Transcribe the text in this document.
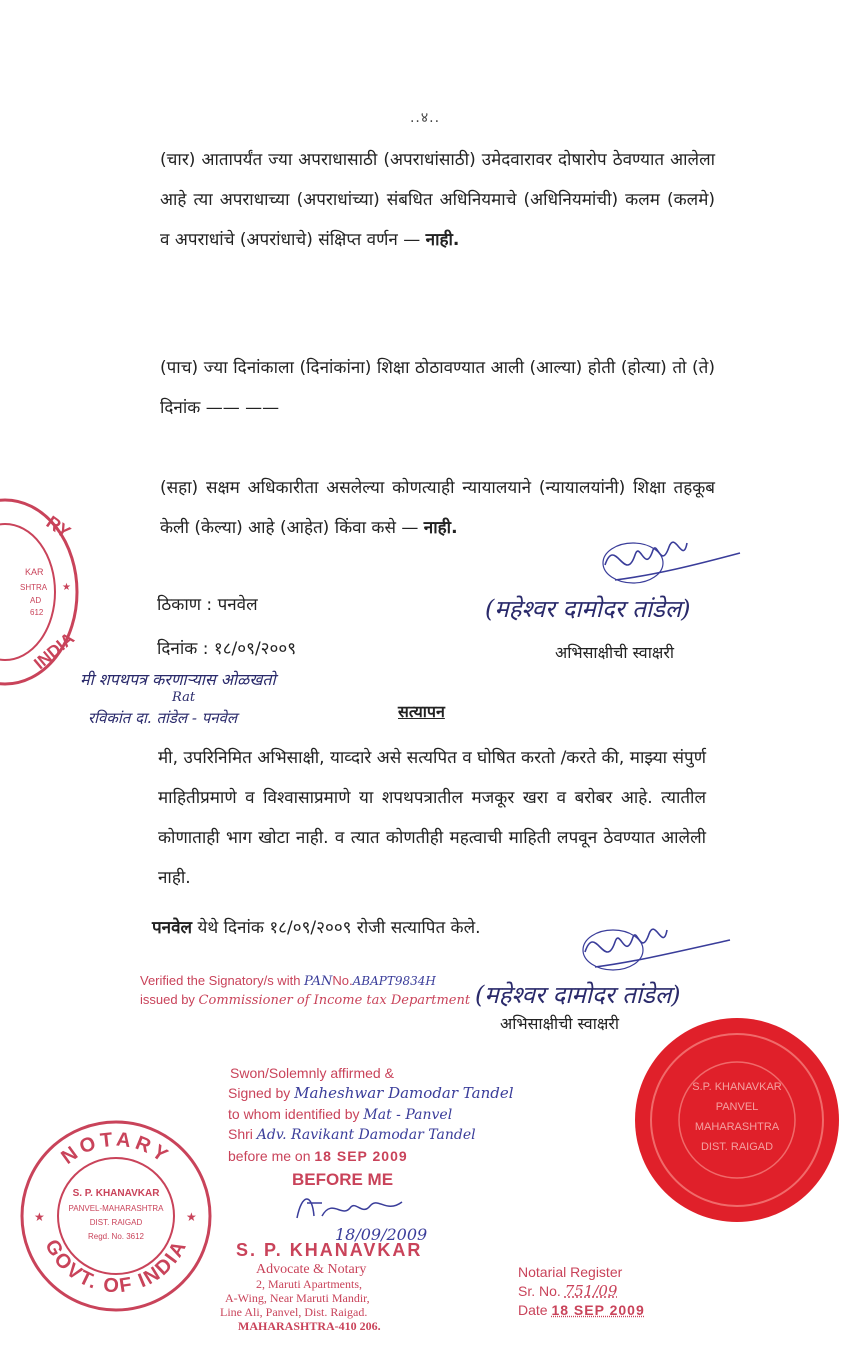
..४..
(चार) आतापर्यंत ज्या अपराधासाठी (अपराधांसाठी) उमेदवारावर दोषारोप ठेवण्यात आलेला आहे त्या अपराधाच्या (अपराधांच्या) संबधित अधिनियमाचे (अधिनियमांची) कलम (कलमे) व अपराधांचे (अपरांधाचे) संक्षिप्त वर्णन — नाही.
(पाच) ज्या दिनांकाला (दिनांकांना) शिक्षा ठोठावण्यात आली (आल्या) होती (होत्या) तो (ते) दिनांक —— ——
(सहा) सक्षम अधिकारीता असलेल्या कोणत्याही न्यायालयाने (न्यायालयांनी) शिक्षा तहकूब केली (केल्या) आहे (आहेत) किंवा कसे — नाही.
(महेश्वर दामोदर तांडेल)
ठिकाण : पनवेल
दिनांक : १८/०९/२००९	अभिसाक्षीची स्वाक्षरी
मी शपथपत्र करणाऱ्यास ओळखतो
Rat
रविकांत दा. तांडेल - पनवेल
RY
INDIA
KAR
SHTRA
AD
612
★
सत्यापन
मी, उपरिनिमित अभिसाक्षी, याव्दारे असे सत्यपित व घोषित करतो /करते की, माझ्या संपुर्ण माहितीप्रमाणे व विश्वासाप्रमाणे या शपथपत्रातील मजकूर खरा व बरोबर आहे. त्यातील कोणाताही भाग खोटा नाही. व त्यात कोणतीही महत्वाची माहिती लपवून ठेवण्यात आलेली नाही.
पनवेल येथे दिनांक १८/०९/२००९ रोजी सत्यापित केले.
Verified the Signatory/s with PANNo.ABAPT9834H
issued by Commissioner of Income tax Department (महेश्वर दामोदर तांडेल)
अभिसाक्षीची स्वाक्षरी
S.P. KHANAVKAR
PANVEL
MAHARASHTRA
DIST. RAIGAD
Swon/Solemnly affirmed &
Signed by Maheshwar Damodar Tandel
to whom identified by Mat - Panvel
Shri Adv. Ravikant Damodar Tandel
before me on 18 SEP 2009
BEFORE ME
18/09/2009
S. P. KHANAVKAR
Advocate & Notary
2, Maruti Apartments,
A-Wing, Near Maruti Mandir,
Line Ali, Panvel, Dist. Raigad.
MAHARASHTRA-410 206.
Notarial Register
Sr. No. 751/09
Date 18 SEP 2009
NOTARY
GOVT. OF INDIA
★	★
S. P. KHANAVKAR
PANVEL-MAHARASHTRA
DIST. RAIGAD
Regd. No. 3612
